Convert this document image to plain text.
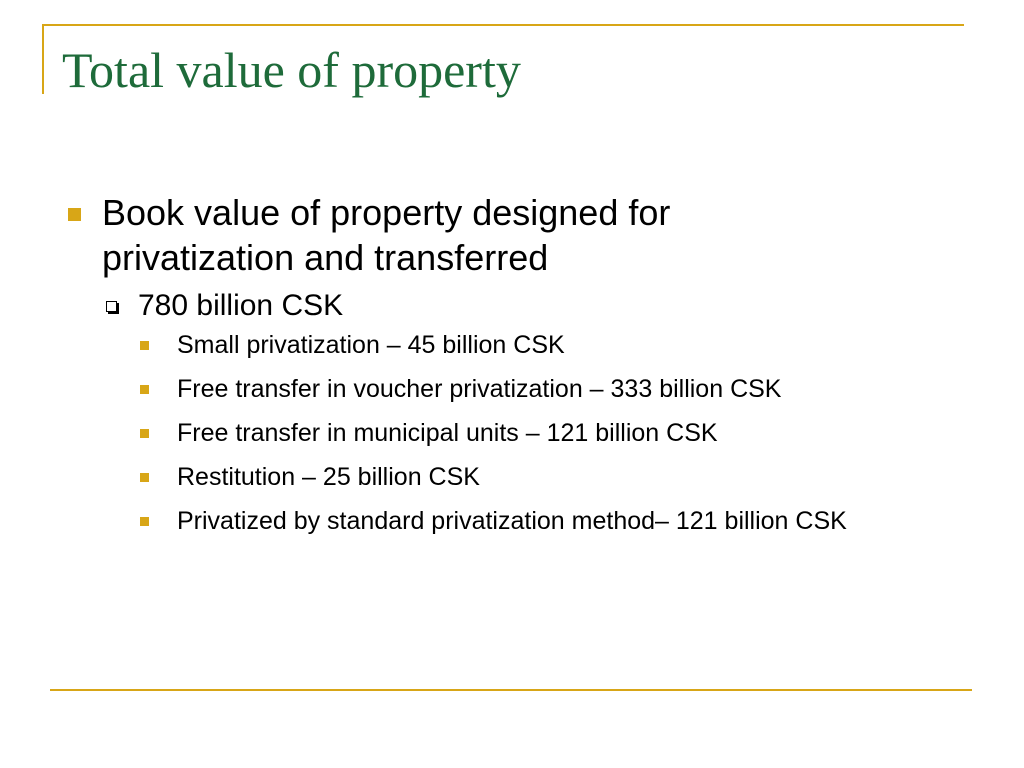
Total value of property
Book value of property designed for privatization and transferred
780 billion CSK
Small privatization – 45 billion CSK
Free transfer in voucher privatization – 333 billion CSK
Free transfer in municipal units – 121 billion CSK
Restitution – 25 billion CSK
Privatized by standard privatization method– 121 billion CSK
